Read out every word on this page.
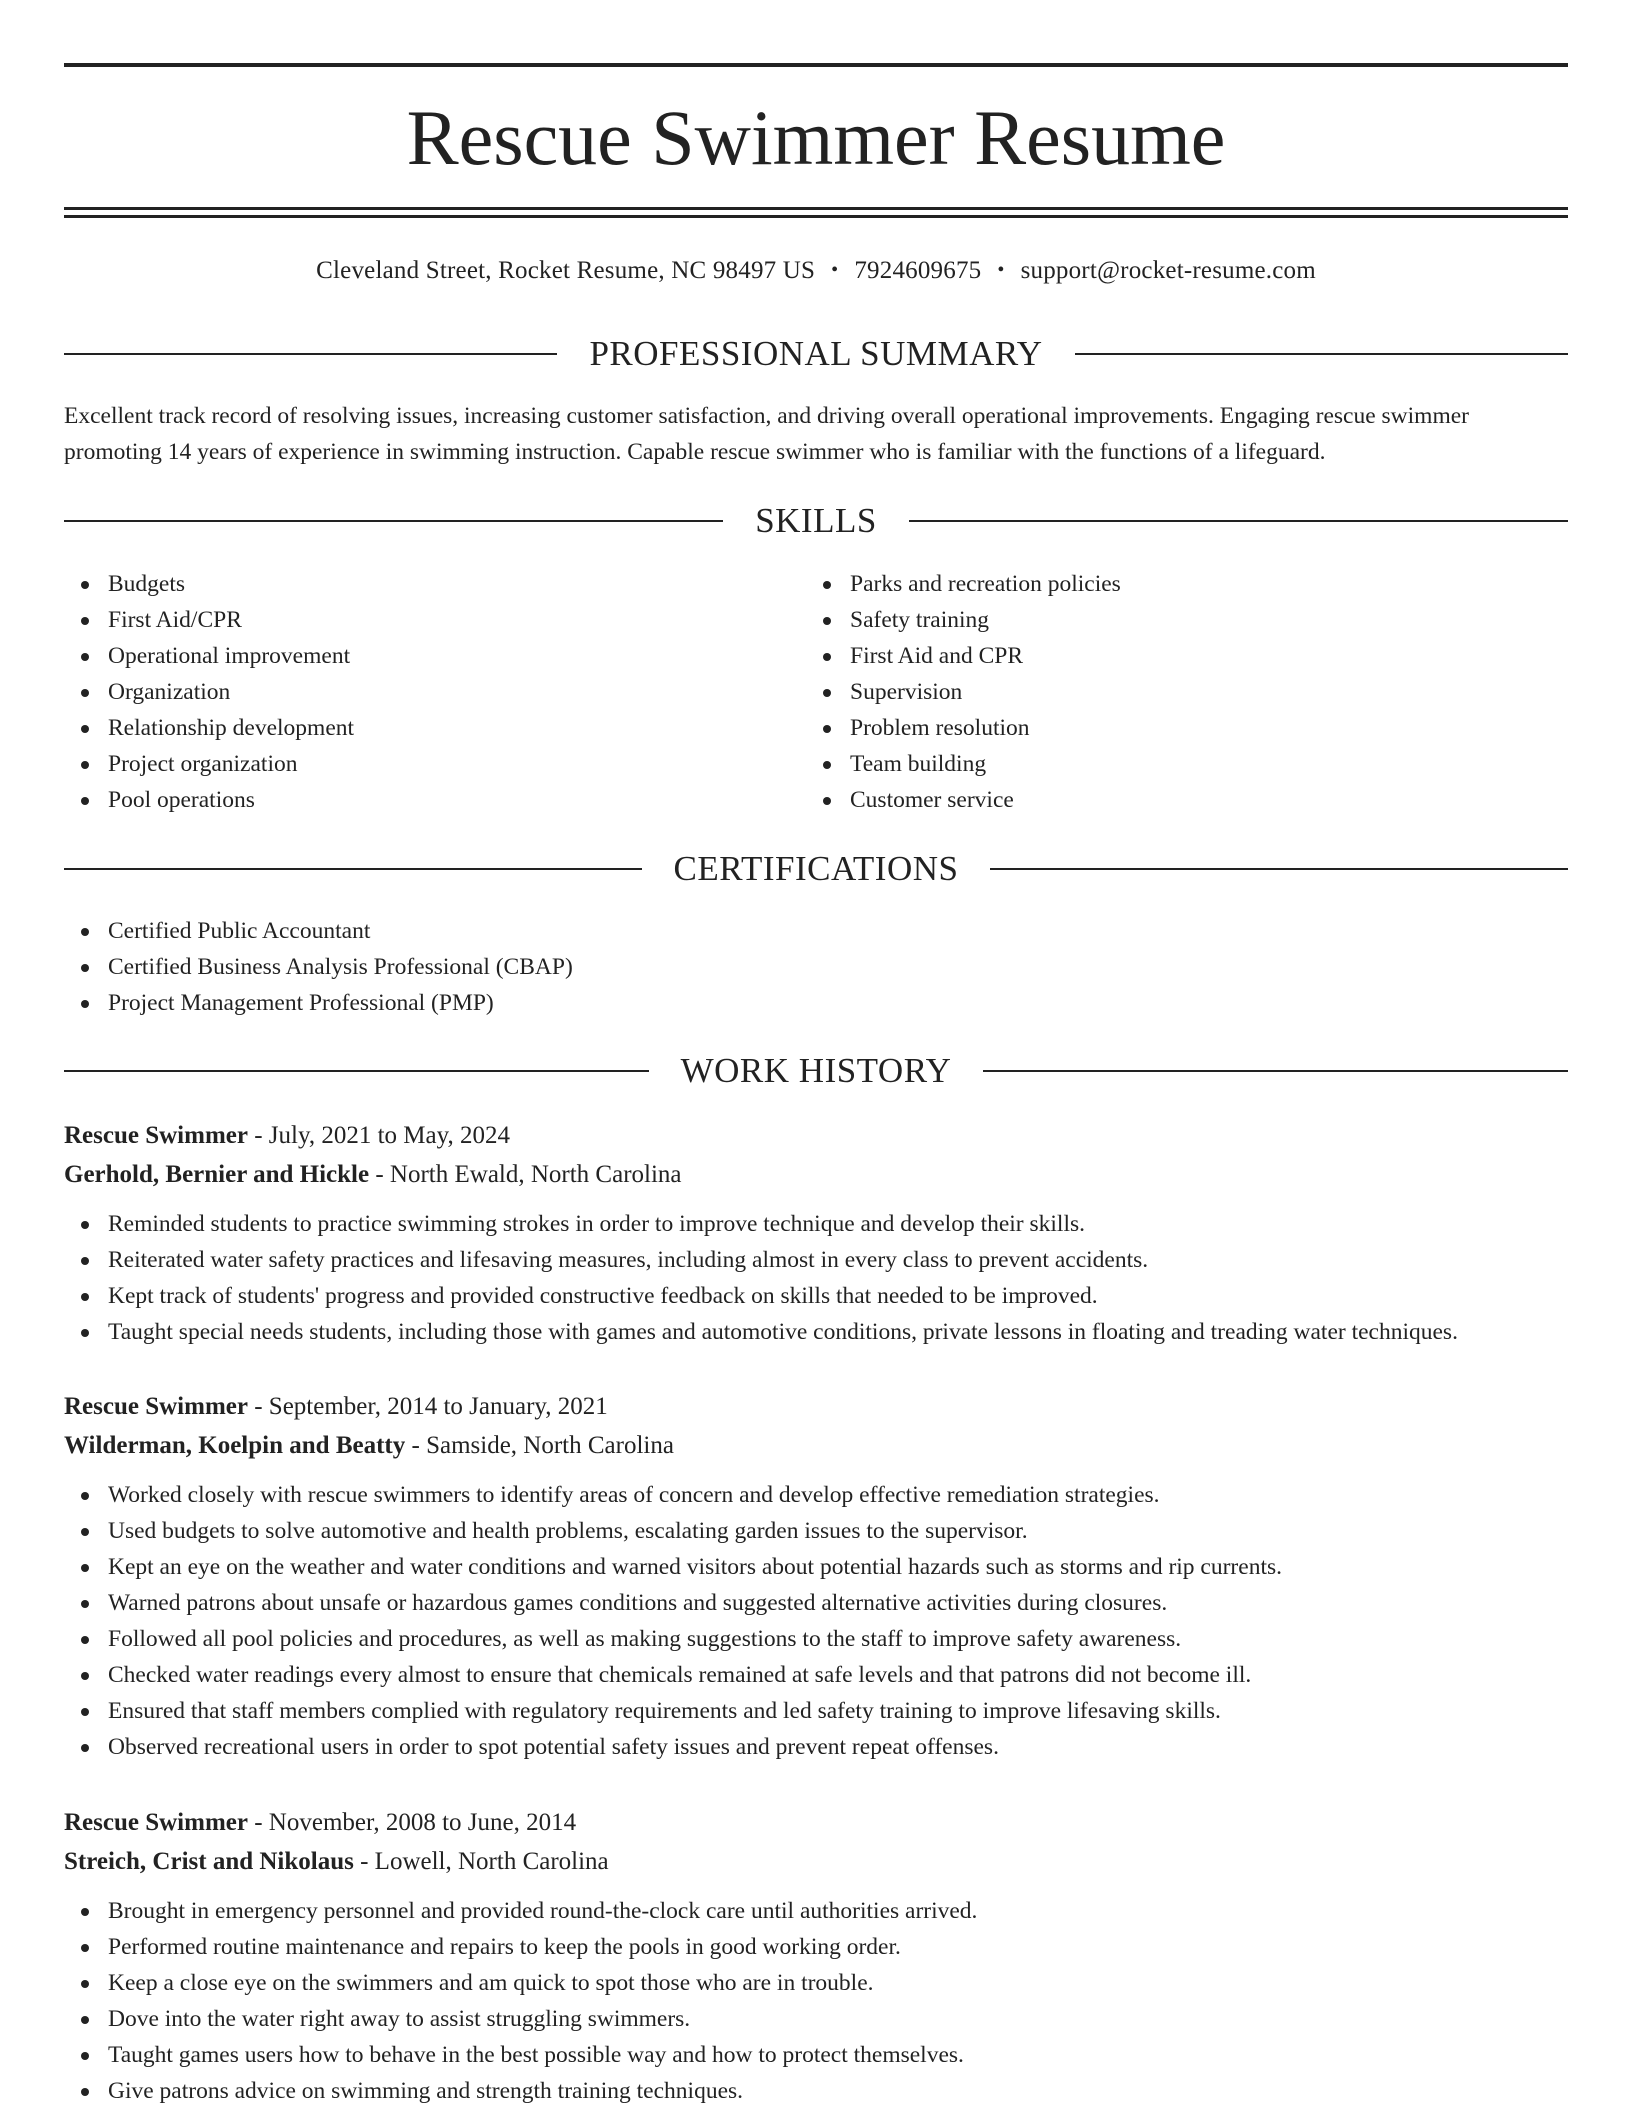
Rescue Swimmer Resume
Cleveland Street, Rocket Resume, NC 98497 US • 7924609675 • support@rocket-resume.com
PROFESSIONAL SUMMARY

Excellent track record of resolving issues, increasing customer satisfaction, and driving overall operational improvements. Engaging rescue swimmer promoting 14 years of experience in swimming instruction. Capable rescue swimmer who is familiar with the functions of a lifeguard.

SKILLS
Budgets
First Aid/CPR
Operational improvement
Organization
Relationship development
Project organization
Pool operations
Parks and recreation policies
Safety training
First Aid and CPR
Supervision
Problem resolution
Team building
Customer service
CERTIFICATIONS
Certified Public Accountant
Certified Business Analysis Professional (CBAP)
Project Management Professional (PMP)
WORK HISTORY
Rescue Swimmer - July, 2021 to May, 2024
Gerhold, Bernier and Hickle - North Ewald, North Carolina
Reminded students to practice swimming strokes in order to improve technique and develop their skills.
Reiterated water safety practices and lifesaving measures, including almost in every class to prevent accidents.
Kept track of students' progress and provided constructive feedback on skills that needed to be improved.
Taught special needs students, including those with games and automotive conditions, private lessons in floating and treading water techniques.
Rescue Swimmer - September, 2014 to January, 2021
Wilderman, Koelpin and Beatty - Samside, North Carolina
Worked closely with rescue swimmers to identify areas of concern and develop effective remediation strategies.
Used budgets to solve automotive and health problems, escalating garden issues to the supervisor.
Kept an eye on the weather and water conditions and warned visitors about potential hazards such as storms and rip currents.
Warned patrons about unsafe or hazardous games conditions and suggested alternative activities during closures.
Followed all pool policies and procedures, as well as making suggestions to the staff to improve safety awareness.
Checked water readings every almost to ensure that chemicals remained at safe levels and that patrons did not become ill.
Ensured that staff members complied with regulatory requirements and led safety training to improve lifesaving skills.
Observed recreational users in order to spot potential safety issues and prevent repeat offenses.
Rescue Swimmer - November, 2008 to June, 2014
Streich, Crist and Nikolaus - Lowell, North Carolina
Brought in emergency personnel and provided round-the-clock care until authorities arrived.
Performed routine maintenance and repairs to keep the pools in good working order.
Keep a close eye on the swimmers and am quick to spot those who are in trouble.
Dove into the water right away to assist struggling swimmers.
Taught games users how to behave in the best possible way and how to protect themselves.
Give patrons advice on swimming and strength training techniques.
